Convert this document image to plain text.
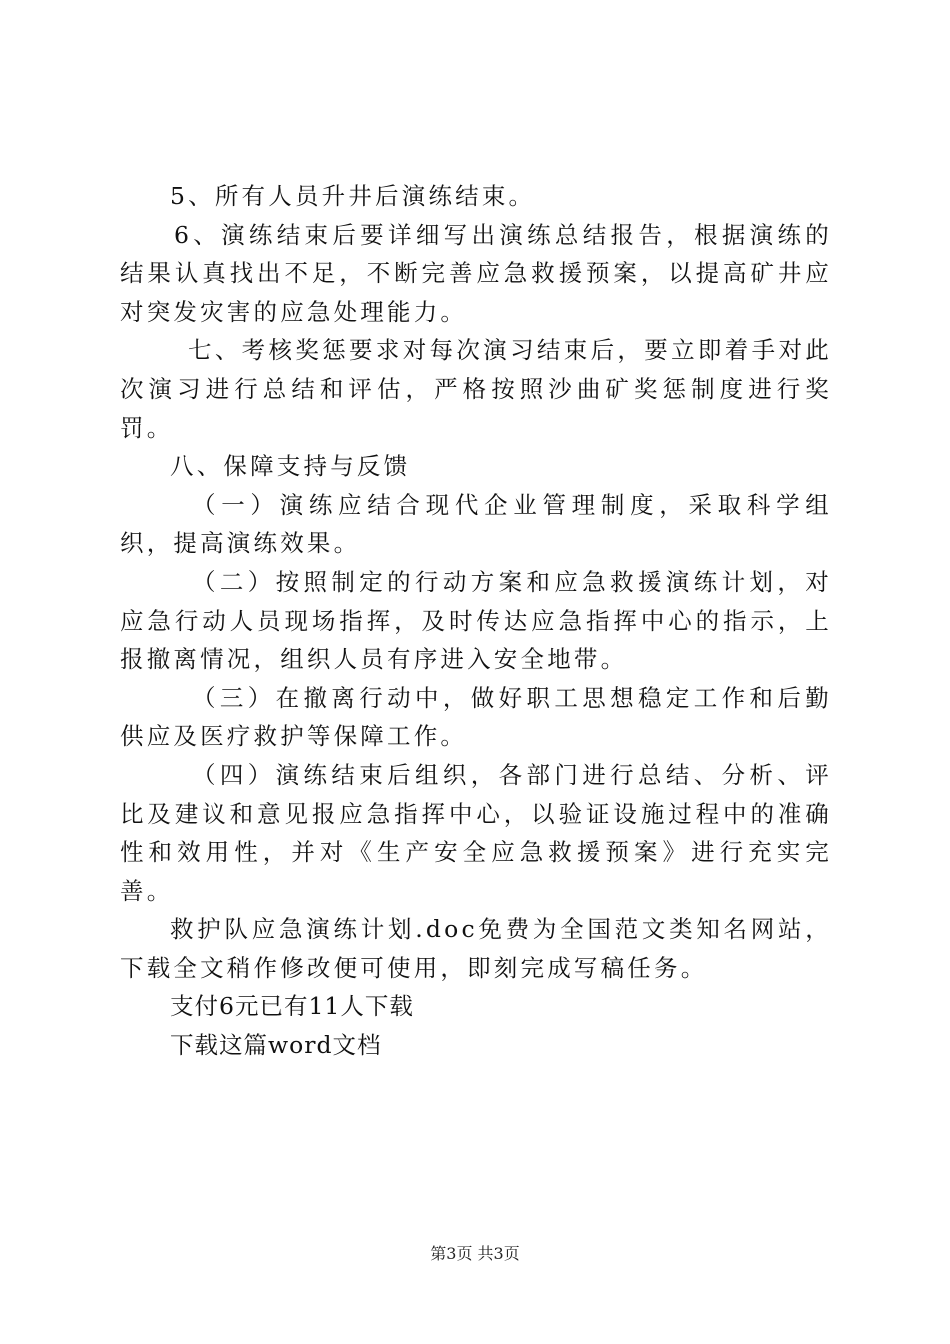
5、所有人员升井后演练结束。

6、演练结束后要详细写出演练总结报告，根据演练的结果认真找出不足，不断完善应急救援预案，以提高矿井应对突发灾害的应急处理能力。

七、考核奖惩要求对每次演习结束后，要立即着手对此次演习进行总结和评估，严格按照沙曲矿奖惩制度进行奖罚。

八、保障支持与反馈

（一）演练应结合现代企业管理制度，采取科学组织，提高演练效果。

（二）按照制定的行动方案和应急救援演练计划，对应急行动人员现场指挥，及时传达应急指挥中心的指示，上报撤离情况，组织人员有序进入安全地带。

（三）在撤离行动中，做好职工思想稳定工作和后勤供应及医疗救护等保障工作。

（四）演练结束后组织，各部门进行总结、分析、评比及建议和意见报应急指挥中心，以验证设施过程中的准确性和效用性，并对《生产安全应急救援预案》进行充实完善。

救护队应急演练计划.doc免费为全国范文类知名网站，下载全文稍作修改便可使用，即刻完成写稿任务。

支付6元已有11人下载

下载这篇word文档

第3页 共3页
